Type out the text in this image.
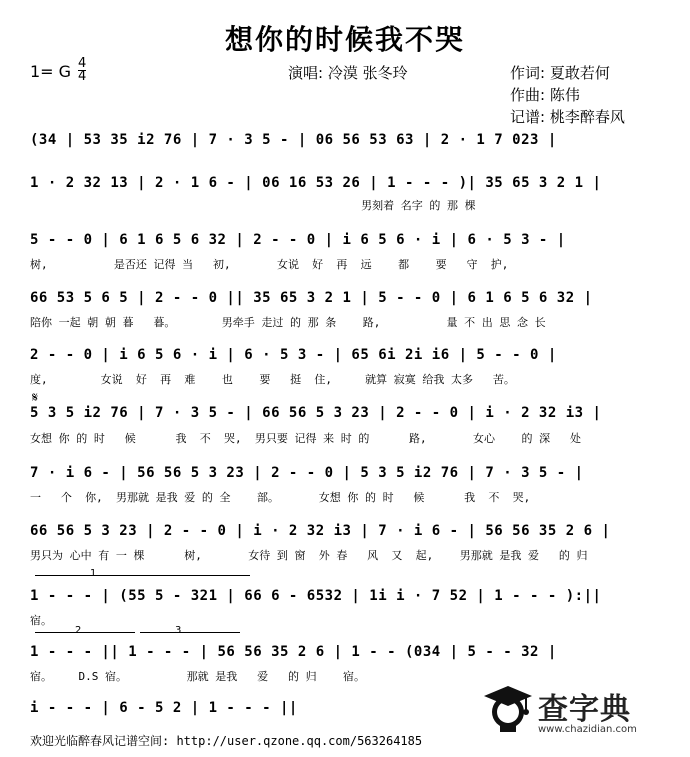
想你的时候我不哭
1= G 4
4	演唱: 冷漠 张冬玲	作词: 夏敢若何
作曲: 陈伟
记谱: 桃李醉春风
𝄋
(34 | 53 35 i2 76 | 7 · 3 5 - | 06 56 53 63 | 2 · 1 7 023 |
1 · 2 32 13 | 2 · 1 6 - | 06 16 53 26 | 1 - - - )| 35 65 3 2 1 |
男刻着 名字 的 那 棵
5 - - 0 | 6 1 6 5 6 32 | 2 - - 0 | i 6 5 6 · i | 6 · 5 3 - |
树,          是否还 记得 当   初,       女说  好  再  远    都    要   守  护,
66 53 5 6 5 | 2 - - 0 || 35 65 3 2 1 | 5 - - 0 | 6 1 6 5 6 32 |
陪你 一起 朝 朝 暮   暮。       男牵手 走过 的 那 条    路,          量 不 出 思 念 长
2 - - 0 | i 6 5 6 · i | 6 · 5 3 - | 65 6i 2i i6 | 5 - - 0 |
度,        女说  好  再  难    也    要   挺  住,     就算 寂寞 给我 太多   苦。
5 3 5 i2 76 | 7 · 3 5 - | 66 56 5 3 23 | 2 - - 0 | i · 2 32 i3 |
女想 你 的 时   候      我  不  哭,  男只要 记得 来 时 的      路,       女心    的 深   处
7 · i 6 - | 56 56 5 3 23 | 2 - - 0 | 5 3 5 i2 76 | 7 · 3 5 - |
一   个  你,  男那就 是我 爱 的 全    部。      女想 你 的 时   候      我  不  哭,
66 56 5 3 23 | 2 - - 0 | i · 2 32 i3 | 7 · i 6 - | 56 56 35 2 6 |
男只为 心中 有 一 棵      树,       女待 到 窗  外 春   风  又  起,    男那就 是我 爱   的 归
1
1 - - - | (55 5 - 321 | 66 6 - 6532 | 1i i · 7 52 | 1 - - - ):||
宿。
2	3
1 - - - || 1 - - - | 56 56 35 2 6 | 1 - - (034 | 5 - - 32 |
宿。    D.S 宿。         那就 是我   爱   的 归    宿。
i - - - | 6 - 5 2 | 1 - - - ||
欢迎光临醉春风记谱空间: http://user.qzone.qq.com/563264185
查字典
www.chazidian.com
